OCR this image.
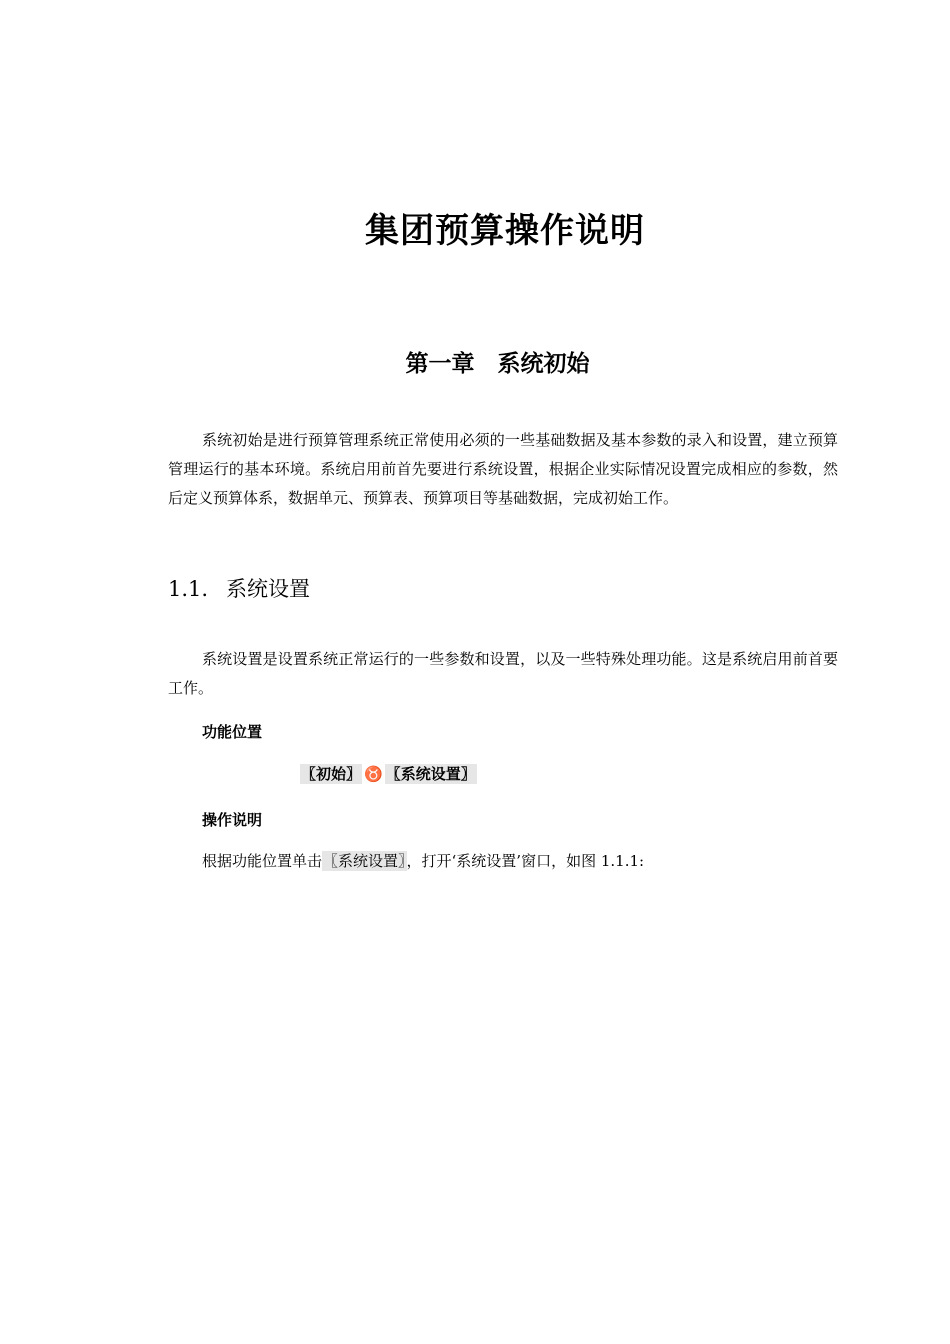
集团预算操作说明
第一章　系统初始
系统初始是进行预算管理系统正常使用必须的一些基础数据及基本参数的录入和设置，建立预算管理运行的基本环境。系统启用前首先要进行系统设置，根据企业实际情况设置完成相应的参数，然后定义预算体系，数据单元、预算表、预算项目等基础数据，完成初始工作。
1.1. 系统设置
系统设置是设置系统正常运行的一些参数和设置，以及一些特殊处理功能。这是系统启用前首要工作。
功能位置
〖初始〗 ♉ 〖系统设置〗
操作说明
根据功能位置单击〖系统设置〗，打开‘系统设置’窗口，如图 1.1.1:
